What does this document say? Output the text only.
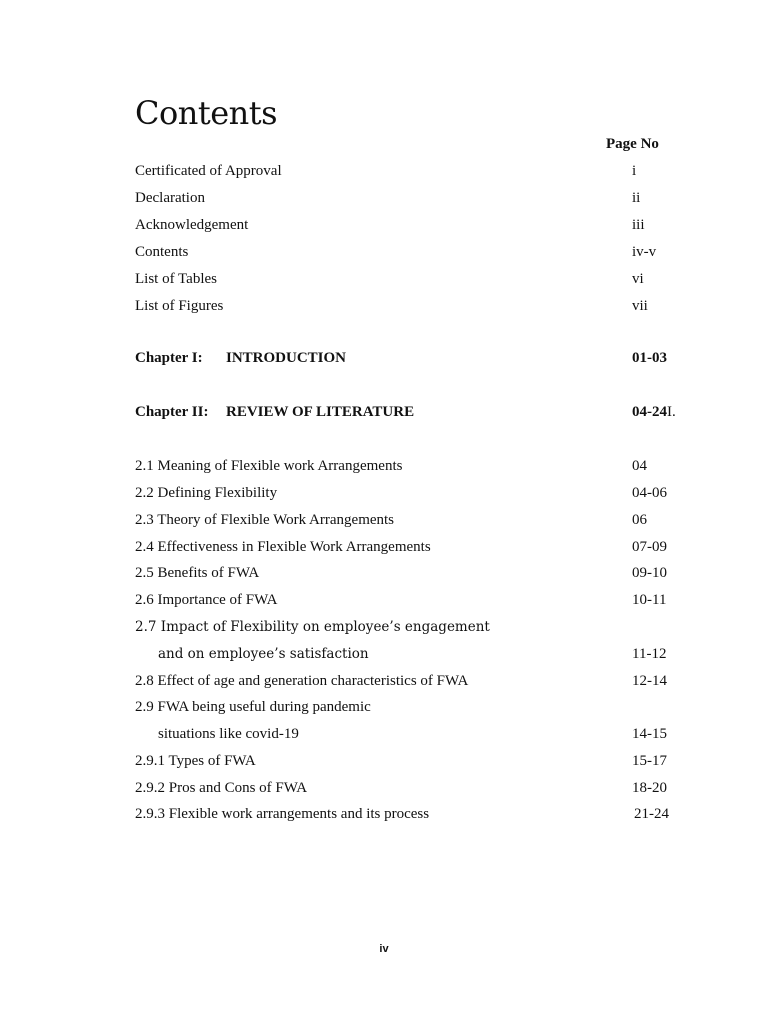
Contents
Page No
Certificated of Approval	i
Declaration	ii
Acknowledgement	iii
Contents	iv-v
List of Tables	vi
List of Figures	vii
Chapter I: INTRODUCTION	01-03
Chapter II: REVIEW OF LITERATURE	04-24I.
2.1 Meaning of Flexible work Arrangements	04
2.2 Defining Flexibility	04-06
2.3 Theory of Flexible Work Arrangements	06
2.4 Effectiveness in Flexible Work Arrangements	07-09
2.5 Benefits of FWA	09-10
2.6 Importance of FWA	10-11
2.7 Impact of Flexibility on employee’s engagement
and on employee’s satisfaction	11-12
2.8 Effect of age and generation characteristics of FWA	12-14
2.9 FWA being useful during pandemic
situations like covid-19	14-15
2.9.1 Types of FWA	15-17
2.9.2 Pros and Cons of FWA	18-20
2.9.3 Flexible work arrangements and its process	21-24
iv
